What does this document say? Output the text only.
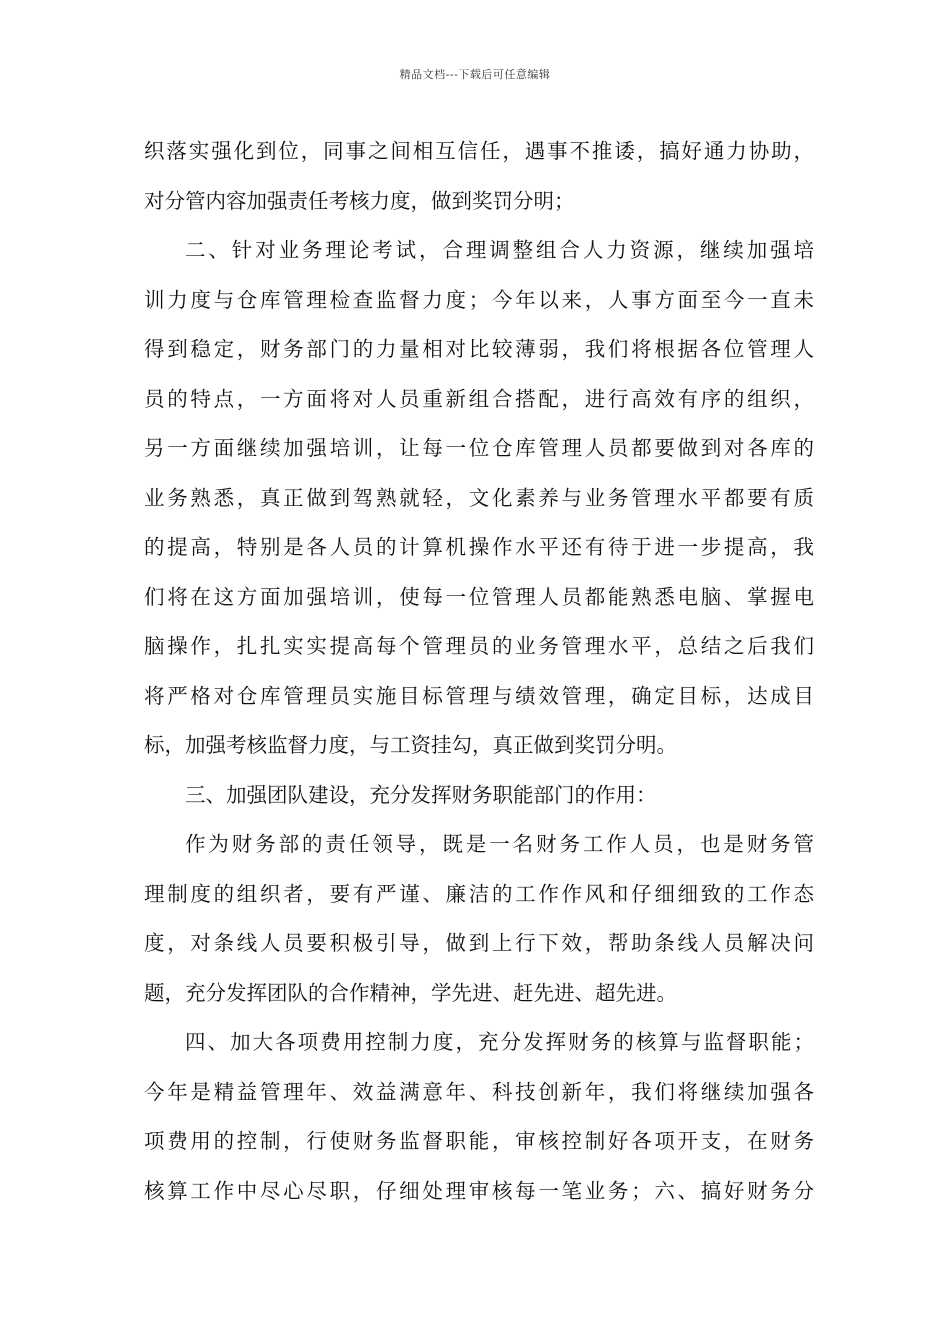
精品文档---下载后可任意编辑
织落实强化到位，同事之间相互信任，遇事不推诿，搞好通力协助，
对分管内容加强责任考核力度，做到奖罚分明；
二、针对业务理论考试，合理调整组合人力资源，继续加强培
训力度与仓库管理检查监督力度；今年以来，人事方面至今一直未
得到稳定，财务部门的力量相对比较薄弱，我们将根据各位管理人
员的特点，一方面将对人员重新组合搭配，进行高效有序的组织，
另一方面继续加强培训，让每一位仓库管理人员都要做到对各库的
业务熟悉，真正做到驾熟就轻，文化素养与业务管理水平都要有质
的提高，特别是各人员的计算机操作水平还有待于进一步提高，我
们将在这方面加强培训，使每一位管理人员都能熟悉电脑、掌握电
脑操作，扎扎实实提高每个管理员的业务管理水平，总结之后我们
将严格对仓库管理员实施目标管理与绩效管理，确定目标，达成目
标，加强考核监督力度，与工资挂勾，真正做到奖罚分明。
三、加强团队建设，充分发挥财务职能部门的作用：
作为财务部的责任领导，既是一名财务工作人员，也是财务管
理制度的组织者，要有严谨、廉洁的工作作风和仔细细致的工作态
度，对条线人员要积极引导，做到上行下效，帮助条线人员解决问
题，充分发挥团队的合作精神，学先进、赶先进、超先进。
四、加大各项费用控制力度，充分发挥财务的核算与监督职能；
今年是精益管理年、效益满意年、科技创新年，我们将继续加强各
项费用的控制，行使财务监督职能，审核控制好各项开支，在财务
核算工作中尽心尽职，仔细处理审核每一笔业务；六、搞好财务分
